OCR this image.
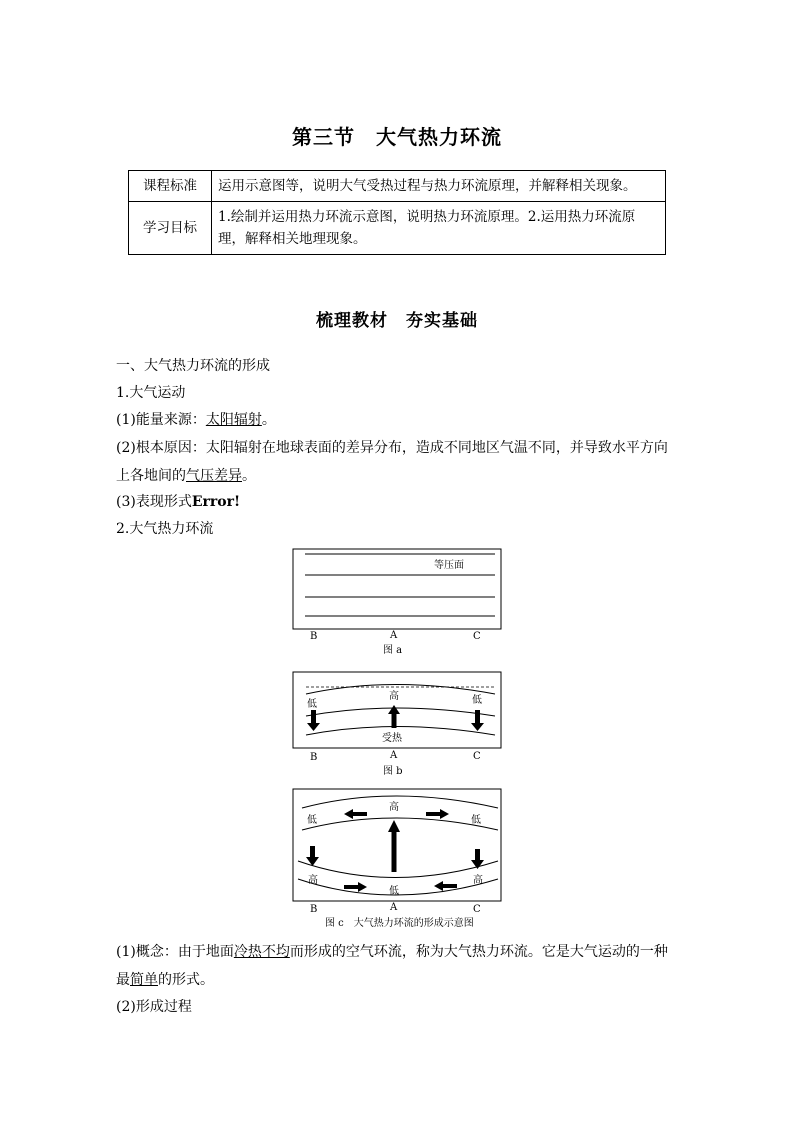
第三节　大气热力环流
课程标准	运用示意图等，说明大气受热过程与热力环流原理，并解释相关现象。
学习目标	1.绘制并运用热力环流示意图，说明热力环流原理。2.运用热力环流原理，解释相关地理现象。
梳理教材　夯实基础
一、大气热力环流的形成
1.大气运动
(1)能量来源：太阳辐射。
(2)根本原因：太阳辐射在地球表面的差异分布，造成不同地区气温不同，并导致水平方向上各地间的气压差异。
(3)表现形式Error!
2.大气热力环流
等压面
B	A	C
图 a
低
高	低
受热
B	A	C
图 b
高
低	低
高	高
低
B	A	C
图 c　大气热力环流的形成示意图
(1)概念：由于地面冷热不均而形成的空气环流，称为大气热力环流。它是大气运动的一种最简单的形式。
(2)形成过程
